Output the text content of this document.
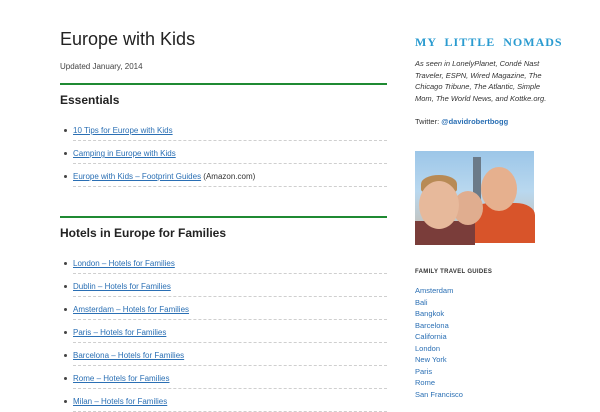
Europe with Kids
Updated January, 2014
Essentials
10 Tips for Europe with Kids
Camping in Europe with Kids
Europe with Kids – Footprint Guides (Amazon.com)
Hotels in Europe for Families
London – Hotels for Families
Dublin – Hotels for Families
Amsterdam – Hotels for Families
Paris – Hotels for Families
Barcelona – Hotels for Families
Rome – Hotels for Families
Milan – Hotels for Families
MY LITTLE NOMADS

As seen in LonelyPlanet, Condé Nast Traveler, ESPN, Wired Magazine, The Chicago Tribune, The Atlantic, Simple Mom, The World News, and Kottke.org.

Twitter: @davidrobertbogg
FAMILY TRAVEL GUIDES
Amsterdam
Bali
Bangkok
Barcelona
California
London
New York
Paris
Rome
San Francisco
